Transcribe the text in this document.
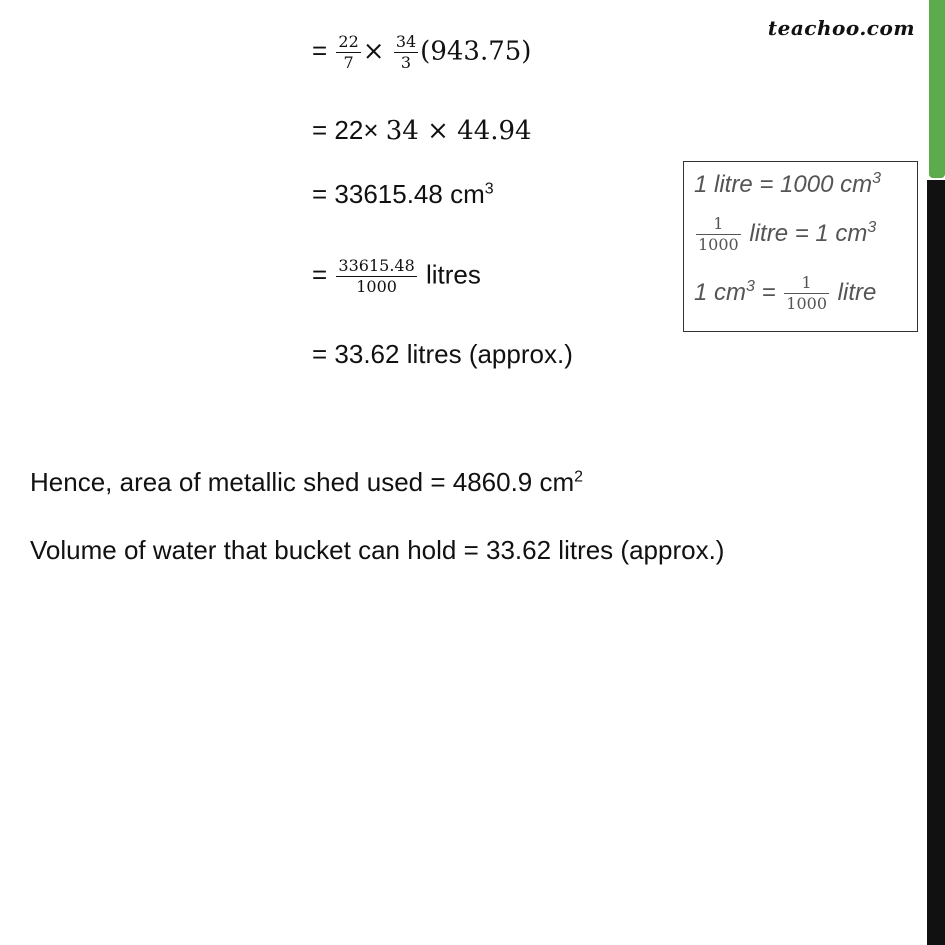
teachoo.com
= $\frac{22}{7} \times \frac{34}{3} (943.75)$
= 22× 34 × 44.94
= 33615.48 $cm^3$
= $\frac{33615.48}{1000}$ litres
= 33.62 litres (approx.)
1 litre = 1000 $cm^3$
$\frac{1}{1000}$ litre = 1 $cm^3$
1 $cm^3 = \frac{1}{1000}$ litre
Hence, area of metallic shed used = 4860.9 $cm^2$
Volume of water that bucket can hold = 33.62 litres (approx.)
